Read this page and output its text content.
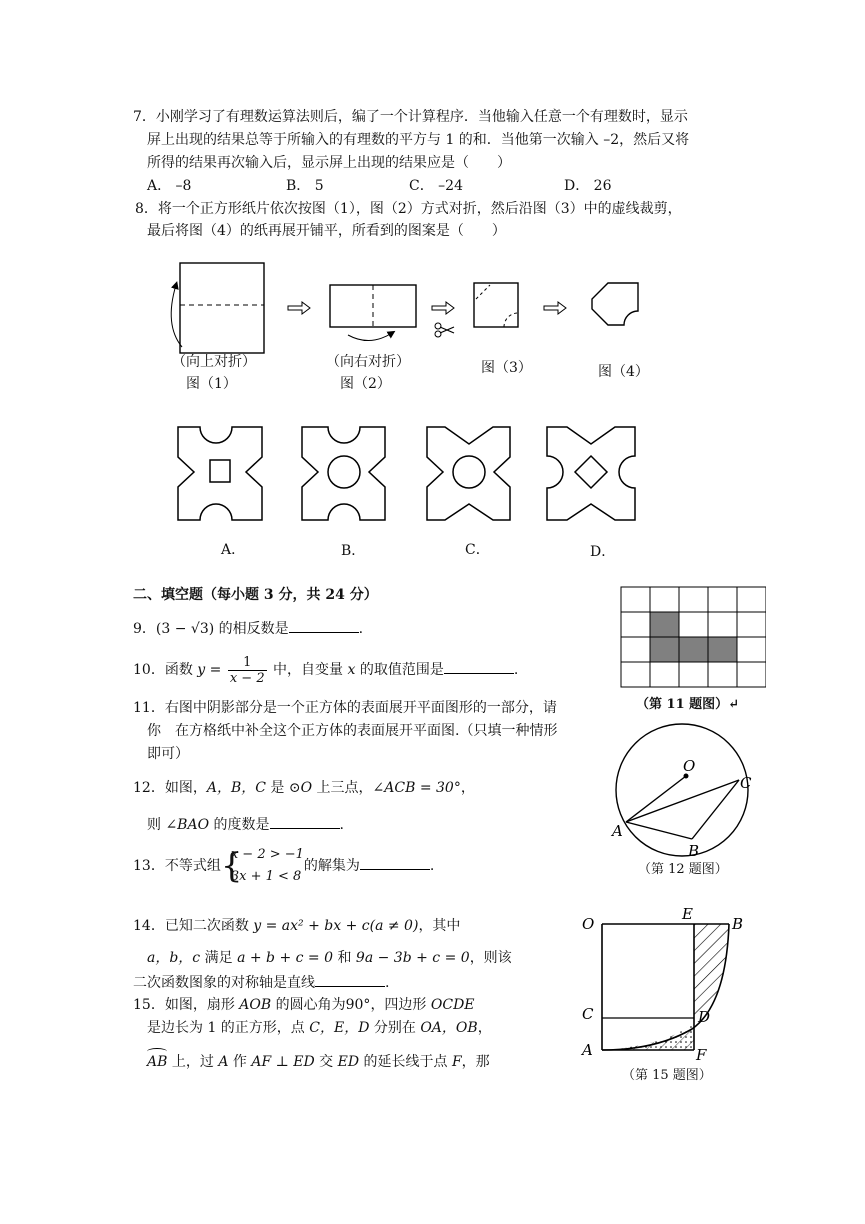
7．小刚学习了有理数运算法则后，编了一个计算程序．当他输入任意一个有理数时，显示
屏上出现的结果总等于所输入的有理数的平方与 1 的和．当他第一次输入 –2，然后又将
所得的结果再次输入后，显示屏上出现的结果应是（　　）
A． –8	B． 5	C． –24	D． 26
8．将一个正方形纸片依次按图（1），图（2）方式对折，然后沿图（3）中的虚线裁剪，
最后将图（4）的纸再展开铺平，所看到的图案是（　　）
（向上对折）
图（1）
（向右对折）
图（2）
图（3）	图（4）
A．	B．	C．	D．
二、填空题（每小题 3 分，共 24 分）
9．(3 − √3) 的相反数是	.
10．函数 $y = \frac{1}{x - 2}$ 中，自变量 x 的取值范围是	.
11．右图中阴影部分是一个正方体的表面展开平面图形的一部分，请
你　在方格纸中补全这个正方体的表面展开平面图.（只填一种情形
即可）
（第 11 题图）↵
12．如图，A，B，C 是 ⊙O 上三点，∠ACB = 30°，
则 ∠BAO 的度数是	.
O
C
A
B
（第 12 题图）
13．不等式组 {
x − 2 > −1
3x + 1 < 8
的解集为	.
14．已知二次函数 y = ax² + bx + c(a ≠ 0)，其中
a，b，c 满足 a + b + c = 0 和 9a − 3b + c = 0，则该
二次函数图象的对称轴是直线	.
15．如图，扇形 AOB 的圆心角为90°，四边形 OCDE
是边长为 1 的正方形，点 C，E，D 分别在 OA，OB，
AB 上，过 A 作 AF ⊥ ED 交 ED 的延长线于点 F，那
O
E
B
C	D
A	F
（第 15 题图）
